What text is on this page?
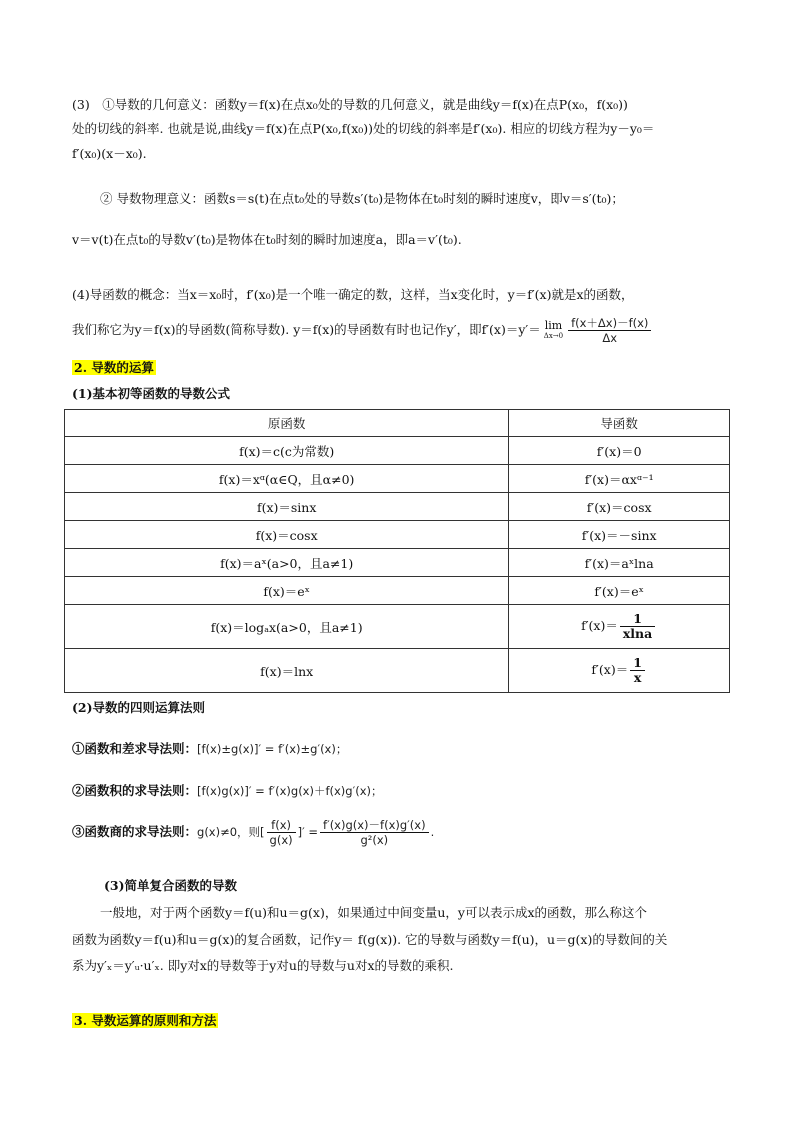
(3)　①导数的几何意义：函数y＝f(x)在点x₀处的导数的几何意义，就是曲线y＝f(x)在点P(x₀，f(x₀))
处的切线的斜率. 也就是说,曲线y＝f(x)在点P(x₀,f(x₀))处的切线的斜率是f′(x₀). 相应的切线方程为y－y₀＝
f′(x₀)(x－x₀).
② 导数物理意义：函数s＝s(t)在点t₀处的导数s′(t₀)是物体在t₀时刻的瞬时速度v，即v＝s′(t₀)；
v＝v(t)在点t₀的导数v′(t₀)是物体在t₀时刻的瞬时加速度a，即a＝v′(t₀).
(4)导函数的概念：当x＝x₀时，f′(x₀)是一个唯一确定的数，这样，当x变化时，y＝f′(x)就是x的函数，
我们称它为y＝f(x)的导函数(简称导数). y＝f(x)的导函数有时也记作y′，即f′(x)＝y′＝ lim
$\Delta x\to 0 \frac{f(x+\Delta x)-f(x)}{\Delta x}$
2. 导数的运算
(1)基本初等函数的导数公式
原函数	导函数
f(x)＝c(c为常数)	f′(x)＝0
f(x)＝xᵅ(α∈Q，且α≠0)	f′(x)＝αxᵅ⁻¹
f(x)＝sinx	f′(x)＝cosx
f(x)＝cosx	f′(x)＝－sinx
f(x)＝aˣ(a>0，且a≠1)	f′(x)＝aˣlna
f(x)＝eˣ	f′(x)＝eˣ
f(x)＝logₐx(a>0，且a≠1)	$f'(x)= \frac{1}{xlna}$

f(x)＝lnx	$f'(x)= \frac{1}{x}$
(2)导数的四则运算法则
①函数和差求导法则：[f(x)±g(x)]′ = f′(x)±g′(x)；
②函数积的求导法则：[f(x)g(x)]′ = f′(x)g(x)＋f(x)g′(x)；
③函数商的求导法则：g(x)≠0，则[ $\frac{f(x)}{g(x)}$ ]′ = $\frac{f'(x)g(x)-f(x)g'(x)}{\text{g²(x)}}$ .
(3)简单复合函数的导数
一般地，对于两个函数y＝f(u)和u＝g(x)，如果通过中间变量u，y可以表示成x的函数，那么称这个
函数为函数y＝f(u)和u＝g(x)的复合函数，记作y＝ f(g(x)). 它的导数与函数y＝f(u)，u＝g(x)的导数间的关
系为y′ₓ＝y′ᵤ·u′ₓ. 即y对x的导数等于y对u的导数与u对x的导数的乘积.
3. 导数运算的原则和方法
